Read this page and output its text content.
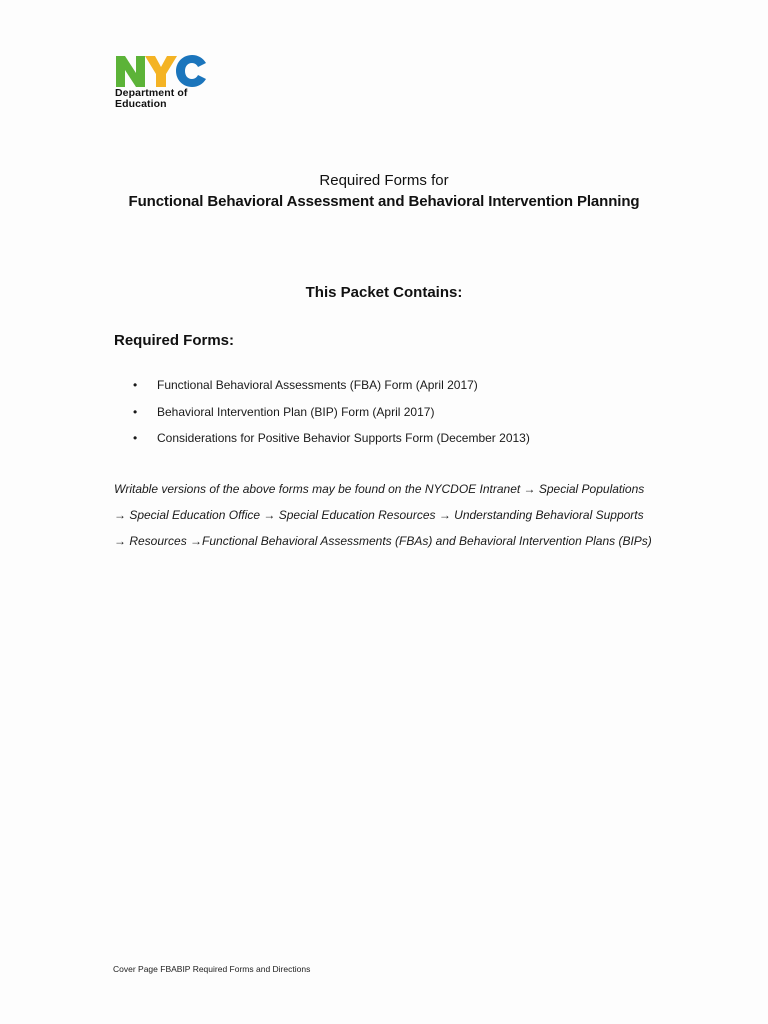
Department of
Education
Required Forms for
Functional Behavioral Assessment and Behavioral Intervention Planning
This Packet Contains:
Required Forms:
• Functional Behavioral Assessments (FBA) Form (April 2017)
• Behavioral Intervention Plan (BIP) Form (April 2017)
• Considerations for Positive Behavior Supports Form (December 2013)
Writable versions of the above forms may be found on the NYCDOE Intranet → Special Populations
→ Special Education Office → Special Education Resources → Understanding Behavioral Supports
→ Resources →Functional Behavioral Assessments (FBAs) and Behavioral Intervention Plans (BIPs)
Cover Page FBABIP Required Forms and Directions
